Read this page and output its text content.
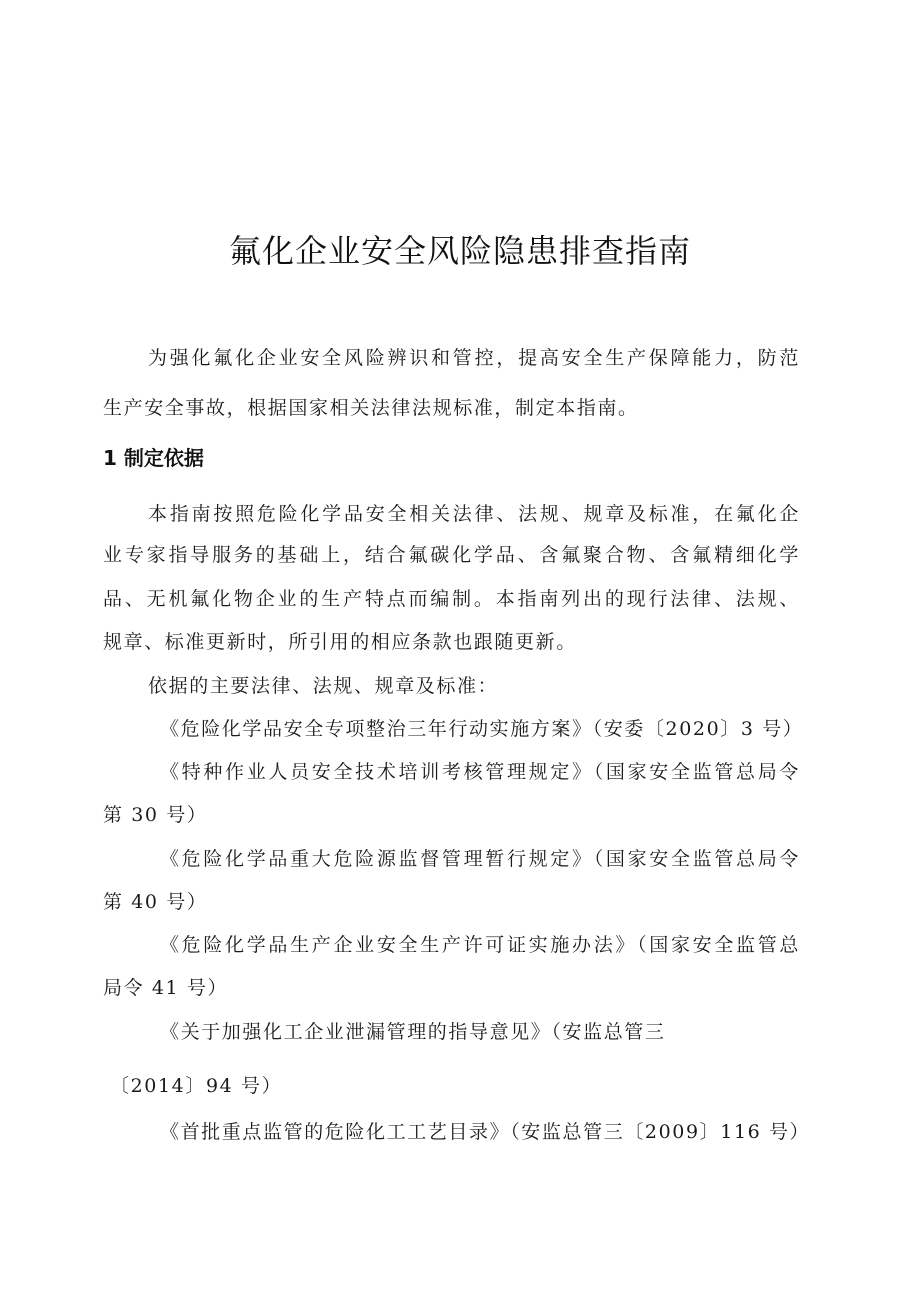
氟化企业安全风险隐患排查指南

为强化氟化企业安全风险辨识和管控，提高安全生产保障能力，防范

生产安全事故，根据国家相关法律法规标准，制定本指南。

1 制定依据

本指南按照危险化学品安全相关法律、法规、规章及标准，在氟化企

业专家指导服务的基础上，结合氟碳化学品、含氟聚合物、含氟精细化学

品、无机氟化物企业的生产特点而编制。本指南列出的现行法律、法规、

规章、标准更新时，所引用的相应条款也跟随更新。

依据的主要法律、法规、规章及标准：

《危险化学品安全专项整治三年行动实施方案》（安委〔2020〕3 号）

《特种作业人员安全技术培训考核管理规定》（国家安全监管总局令

第 30 号）

《危险化学品重大危险源监督管理暂行规定》（国家安全监管总局令

第 40 号）

《危险化学品生产企业安全生产许可证实施办法》（国家安全监管总

局令 41 号）

《关于加强化工企业泄漏管理的指导意见》（安监总管三

〔2014〕94 号）

《首批重点监管的危险化工工艺目录》（安监总管三〔2009〕116 号）
